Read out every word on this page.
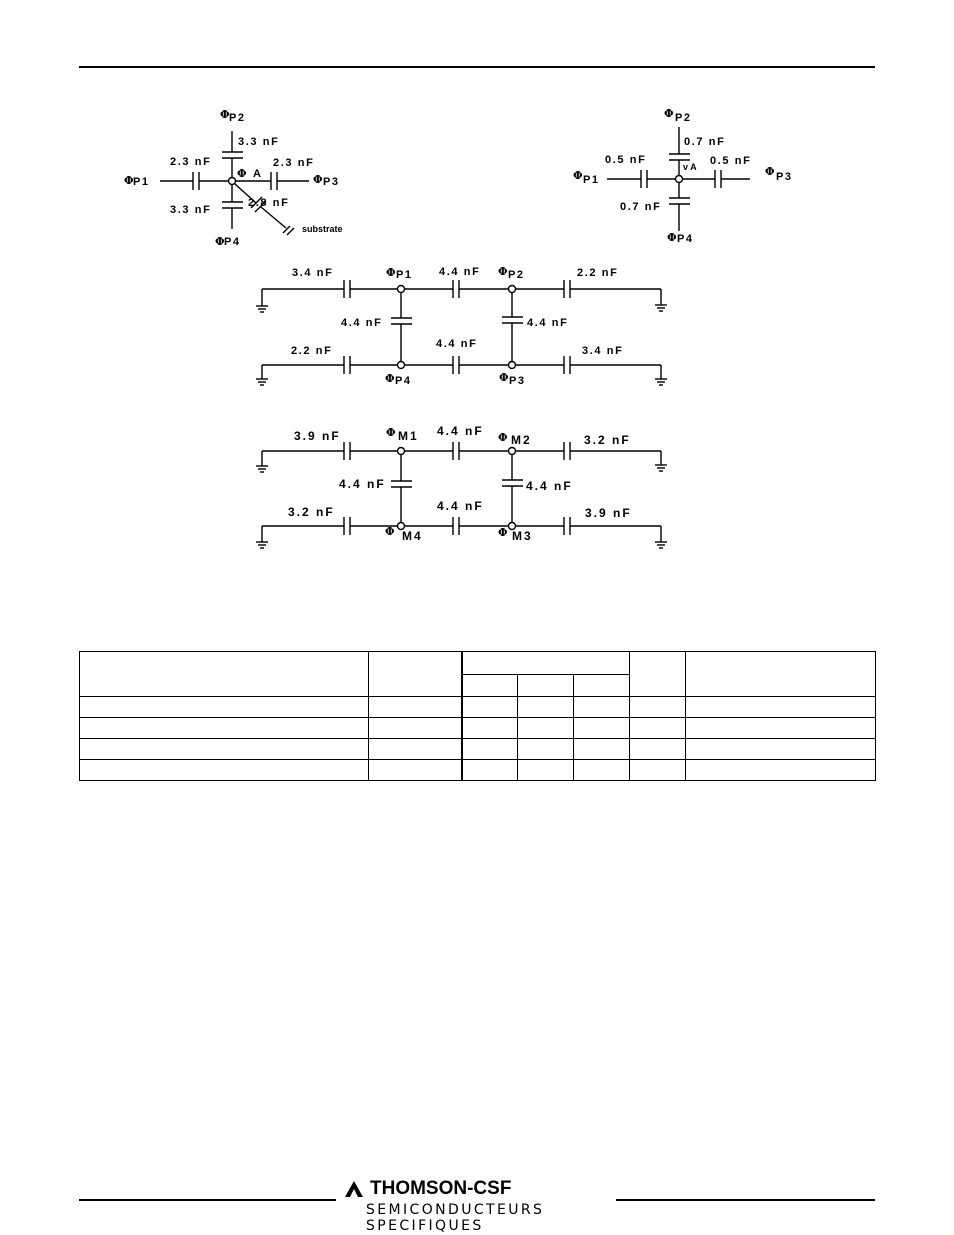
Φ P2
3.3 nF
2.3 nF	2.3 nF
Φ P1
Φ A	Φ P3
3.3 nF
2.8 nF
substrate
Φ P4
Φ P2
0.7 nF
0.5 nF	0.5 nF
v A
Φ P1
Φ P3
0.7 nF
Φ P4
3.4 nF	Φ P1 4.4 nF Φ P2	2.2 nF
4.4 nF	4.4 nF
2.2 nF
4.4 nF
3.4 nF
Φ P4	Φ P3
3.9 nF	Φ M1 4.4 nF Φ M2	3.2 nF
4.4 nF	4.4 nF
3.2 nF	4.4 nF	3.9 nF
Φ M4	Φ M3

THOMSON-CSF
SEMICONDUCTEURS SPECIFIQUES
